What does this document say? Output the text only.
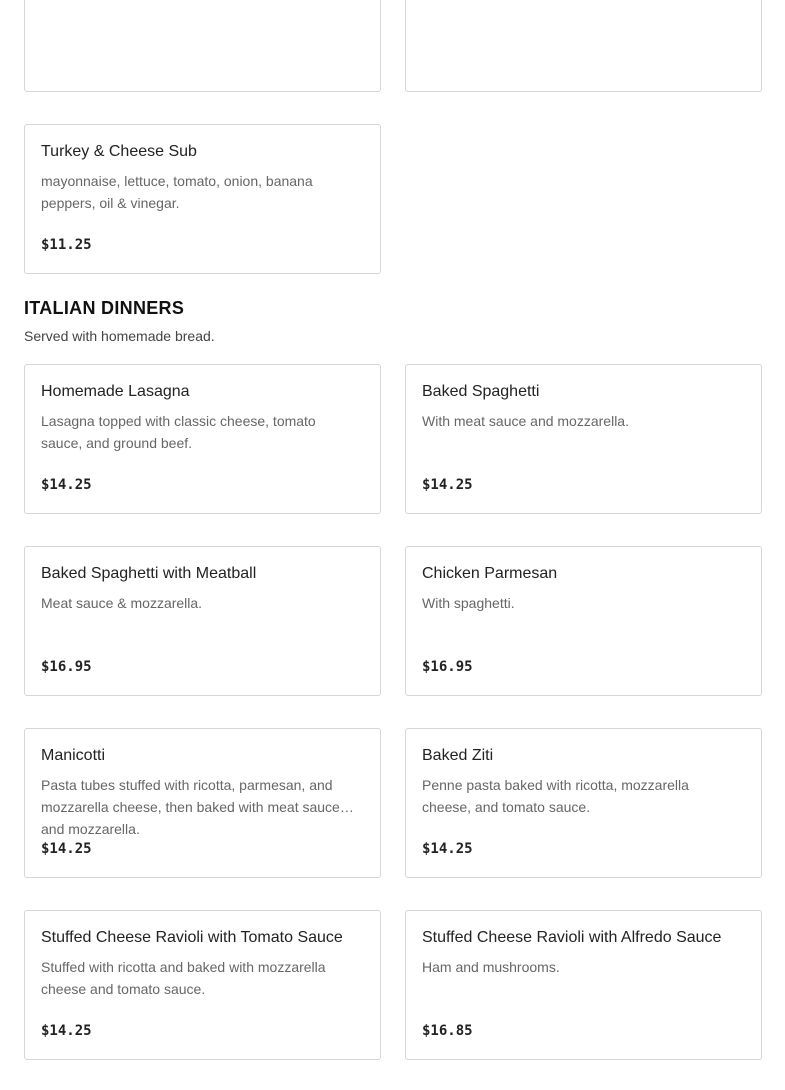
Turkey & Cheese Sub
mayonnaise, lettuce, tomato, onion, banana peppers, oil & vinegar.
$11.25
ITALIAN DINNERS
Served with homemade bread.
Homemade Lasagna
Lasagna topped with classic cheese, tomato sauce, and ground beef.
$14.25
Baked Spaghetti
With meat sauce and mozzarella.
$14.25
Baked Spaghetti with Meatball
Meat sauce & mozzarella.
$16.95
Chicken Parmesan
With spaghetti.
$16.95
Manicotti
Pasta tubes stuffed with ricotta, parmesan, and mozzarella cheese, then baked with meat sauce and mozzarella.
$14.25
Baked Ziti
Penne pasta baked with ricotta, mozzarella cheese, and tomato sauce.
$14.25
Stuffed Cheese Ravioli with Tomato Sauce
Stuffed with ricotta and baked with mozzarella cheese and tomato sauce.
$14.25
Stuffed Cheese Ravioli with Alfredo Sauce
Ham and mushrooms.
$16.85
